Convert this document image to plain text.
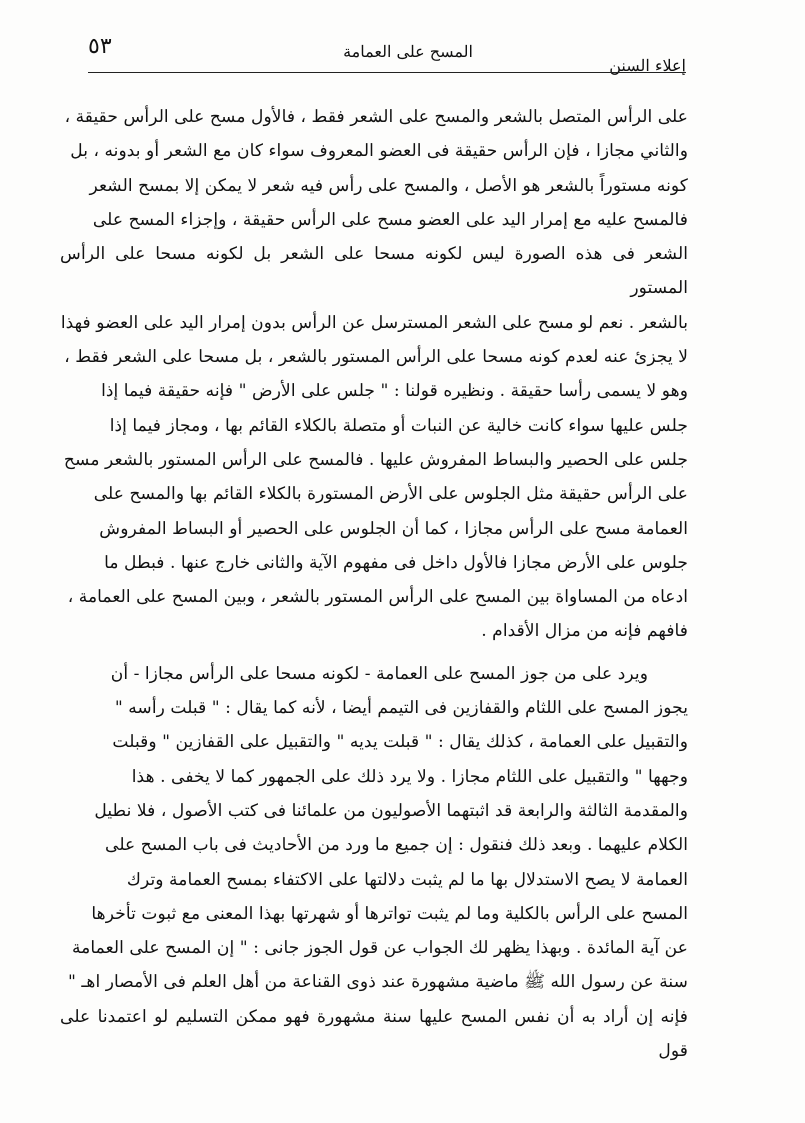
٥٣	المسح على العمامة
إعلاء السنن

على الرأس المتصل بالشعر والمسح على الشعر فقط ، فالأول مسح على الرأس حقيقة ،

والثاني مجازا ، فإن الرأس حقيقة فى العضو المعروف سواء كان مع الشعر أو بدونه ، بل

كونه مستوراً بالشعر هو الأصل ، والمسح على رأس فيه شعر لا يمكن إلا بمسح الشعر

فالمسح عليه مع إمرار اليد على العضو مسح على الرأس حقيقة ، وإجزاء المسح على

الشعر فى هذه الصورة ليس لكونه مسحا على الشعر بل لكونه مسحا على الرأس المستور

بالشعر . نعم لو مسح على الشعر المسترسل عن الرأس بدون إمرار اليد على العضو فهذا

لا يجزئ عنه لعدم كونه مسحا على الرأس المستور بالشعر ، بل مسحا على الشعر فقط ،

وهو لا يسمى رأسا حقيقة . ونظيره قولنا : " جلس على الأرض " فإنه حقيقة فيما إذا

جلس عليها سواء كانت خالية عن النبات أو متصلة بالكلاء القائم بها ، ومجاز فيما إذا

جلس على الحصير والبساط المفروش عليها . فالمسح على الرأس المستور بالشعر مسح

على الرأس حقيقة مثل الجلوس على الأرض المستورة بالكلاء القائم بها والمسح على

العمامة مسح على الرأس مجازا ، كما أن الجلوس على الحصير أو البساط المفروش

جلوس على الأرض مجازا فالأول داخل فى مفهوم الآية والثانى خارج عنها . فبطل ما

ادعاه من المساواة بين المسح على الرأس المستور بالشعر ، وبين المسح على العمامة ،

فافهم فإنه من مزال الأقدام .

ويرد على من جوز المسح على العمامة - لكونه مسحا على الرأس مجازا - أن

يجوز المسح على اللثام والقفازين فى التيمم أيضا ، لأنه كما يقال : " قبلت رأسه "

والتقبيل على العمامة ، كذلك يقال : " قبلت يديه " والتقبيل على القفازين " وقبلت

وجهها " والتقبيل على اللثام مجازا . ولا يرد ذلك على الجمهور كما لا يخفى . هذا

والمقدمة الثالثة والرابعة قد اثبتهما الأصوليون من علمائنا فى كتب الأصول ، فلا نطيل

الكلام عليهما . وبعد ذلك فنقول : إن جميع ما ورد من الأحاديث فى باب المسح على

العمامة لا يصح الاستدلال بها ما لم يثبت دلالتها على الاكتفاء بمسح العمامة وترك

المسح على الرأس بالكلية وما لم يثبت تواترها أو شهرتها بهذا المعنى مع ثبوت تأخرها

عن آية المائدة . وبهذا يظهر لك الجواب عن قول الجوز جانى : " إن المسح على العمامة

سنة عن رسول الله ﷺ ماضية مشهورة عند ذوى القناعة من أهل العلم فى الأمصار اهـ "

فإنه إن أراد به أن نفس المسح عليها سنة مشهورة فهو ممكن التسليم لو اعتمدنا على قول
